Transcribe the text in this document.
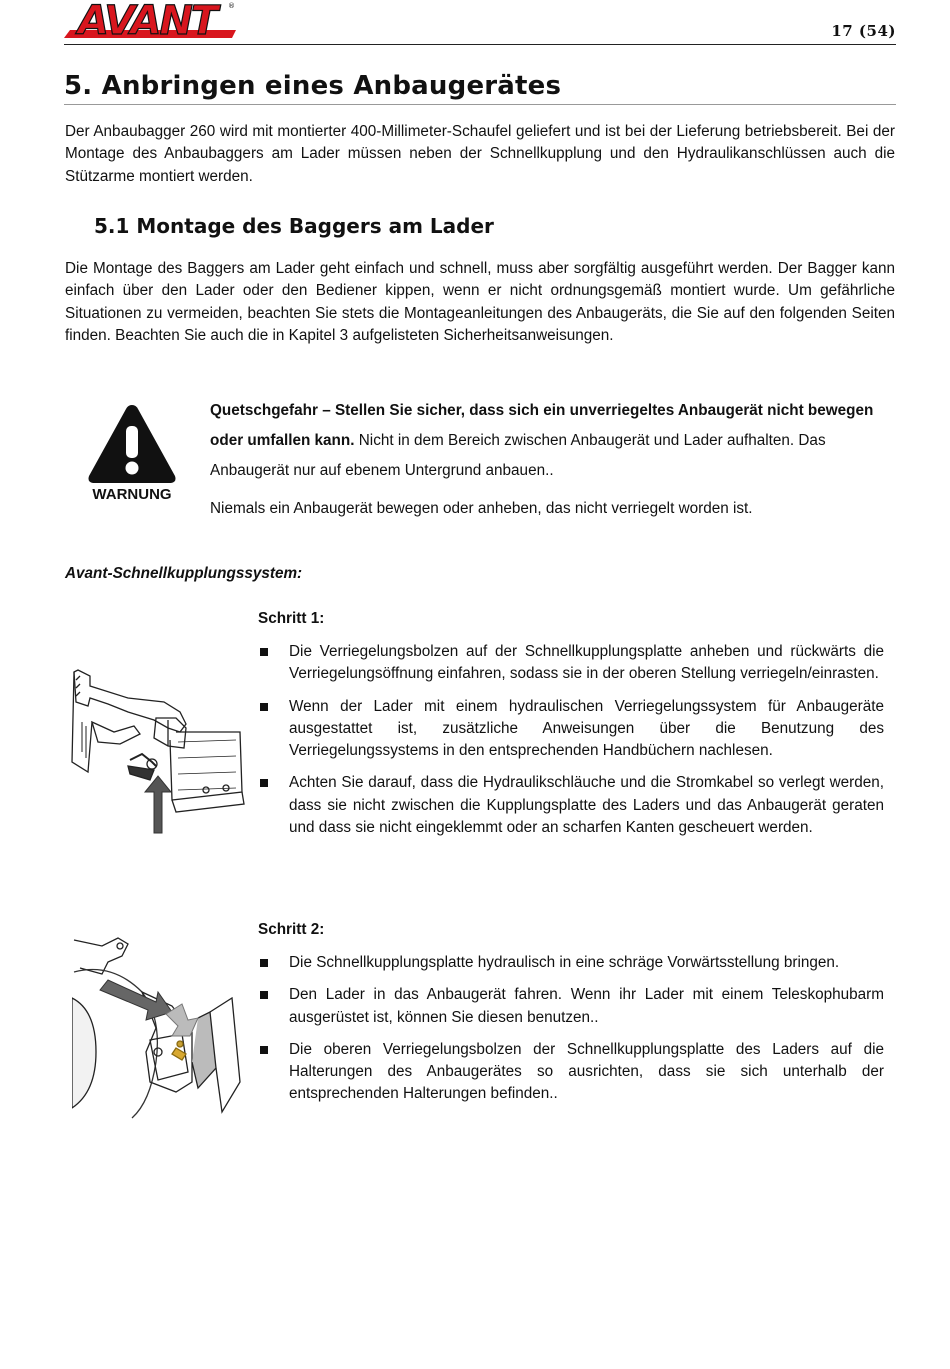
AVANT	®
17 (54)
5. Anbringen eines Anbaugerätes
Der Anbaubagger 260 wird mit montierter 400-Millimeter-Schaufel geliefert und ist bei der Lieferung betriebsbereit. Bei der Montage des Anbaubaggers am Lader müssen neben der Schnellkupplung und den Hydraulikanschlüssen auch die Stützarme montiert werden.
5.1 Montage des Baggers am Lader
Die Montage des Baggers am Lader geht einfach und schnell, muss aber sorgfältig ausgeführt werden. Der Bagger kann einfach über den Lader oder den Bediener kippen, wenn er nicht ordnungsgemäß montiert wurde. Um gefährliche Situationen zu vermeiden, beachten Sie stets die Montageanleitungen des Anbaugeräts, die Sie auf den folgenden Seiten finden. Beachten Sie auch die in Kapitel 3 aufgelisteten Sicherheitsanweisungen.
WARNUNG
Quetschgefahr – Stellen Sie sicher, dass sich ein unverriegeltes Anbaugerät nicht bewegen oder umfallen kann. Nicht in dem Bereich zwischen Anbaugerät und Lader aufhalten. Das Anbaugerät nur auf ebenem Untergrund anbauen..
Niemals ein Anbaugerät bewegen oder anheben, das nicht verriegelt worden ist.
Avant-Schnellkupplungssystem:
Schritt 1:
Die Verriegelungsbolzen auf der Schnellkupplungsplatte anheben und rückwärts die Verriegelungsöffnung einfahren, sodass sie in der oberen Stellung verriegeln/einrasten.
Wenn der Lader mit einem hydraulischen Verriegelungssystem für Anbaugeräte ausgestattet ist, zusätzliche Anweisungen über die Benutzung des Verriegelungssystems in den entsprechenden Handbüchern nachlesen.
Achten Sie darauf, dass die Hydraulikschläuche und die Stromkabel so verlegt werden, dass sie nicht zwischen die Kupplungsplatte des Laders und das Anbaugerät geraten und dass sie nicht eingeklemmt oder an scharfen Kanten gescheuert werden.
Schritt 2:
Die Schnellkupplungsplatte hydraulisch in eine schräge Vorwärtsstellung bringen.
Den Lader in das Anbaugerät fahren. Wenn ihr Lader mit einem Teleskophubarm ausgerüstet ist, können Sie diesen benutzen..
Die oberen Verriegelungsbolzen der Schnellkupplungsplatte des Laders auf die Halterungen des Anbaugerätes so ausrichten, dass sie sich unterhalb der entsprechenden Halterungen befinden..
